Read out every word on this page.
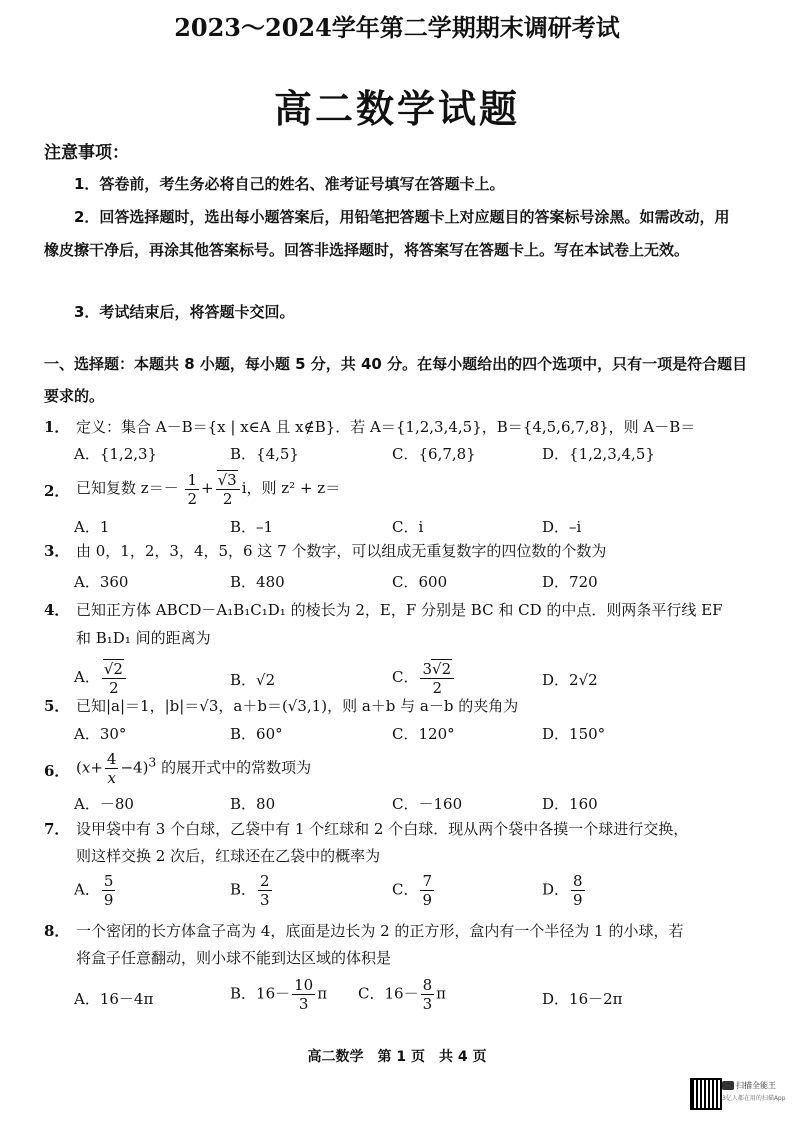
2023～2024学年第二学期期末调研考试
高二数学试题
注意事项：
1．答卷前，考生务必将自己的姓名、准考证号填写在答题卡上。
2．回答选择题时，选出每小题答案后，用铅笔把答题卡上对应题目的答案标号涂黑。如需改动，用橡皮擦干净后，再涂其他答案标号。回答非选择题时，将答案写在答题卡上。写在本试卷上无效。
3．考试结束后，将答题卡交回。
一、选择题：本题共 8 小题，每小题 5 分，共 40 分。在每小题给出的四个选项中，只有一项是符合题目要求的。
1． 定义：集合 A－B＝{x | x∈A 且 x∉B}．若 A＝{1,2,3,4,5}，B＝{4,5,6,7,8}，则 A－B＝
A．{1,2,3}	B．{4,5}	C．{6,7,8}	D．{1,2,3,4,5}
2． 已知复数 $z=- \frac{1}{2} + \frac{√3}{2}$ i，则 z² + z＝
A．1	B．–1	C．i	D．–i
3． 由 0，1，2，3，4，5，6 这 7 个数字，可以组成无重复数字的四位数的个数为
A．360	B．480	C．600	D．720
4． 已知正方体 ABCD－A₁B₁C₁D₁ 的棱长为 2，E，F 分别是 BC 和 CD 的中点．则两条平行线 EF
和 B₁D₁ 间的距离为
A． $\frac{√2}{2}$	B．√2	C． $\frac{3√2}{2}$	D．2√2
5． 已知|a|＝1，|b|＝√3，a＋b＝(√3,1)，则 a＋b 与 a－b 的夹角为
A．30°	B．60°	C．120°	D．150°
6． $(x+ \frac{4}{x} -4)^3$ 的展开式中的常数项为
A．－80	B．80	C．－160	D．160
7． 设甲袋中有 3 个白球，乙袋中有 1 个红球和 2 个白球．现从两个袋中各摸一个球进行交换，
则这样交换 2 次后，红球还在乙袋中的概率为
A． $\frac{5}{9}$	B． $\frac{2}{3}$	C． $\frac{7}{9}$	D． $\frac{8}{9}$
8． 一个密闭的长方体盒子高为 4，底面是边长为 2 的正方形，盒内有一个半径为 1 的小球，若
将盒子任意翻动，则小球不能到达区域的体积是
A．16－4π	B．$16- \frac{10}{3}$ π C．$16- \frac{8}{3}$ π	D．16－2π
高二数学　第 1 页　共 4 页
扫描全能王
3亿人都在用的扫描App
